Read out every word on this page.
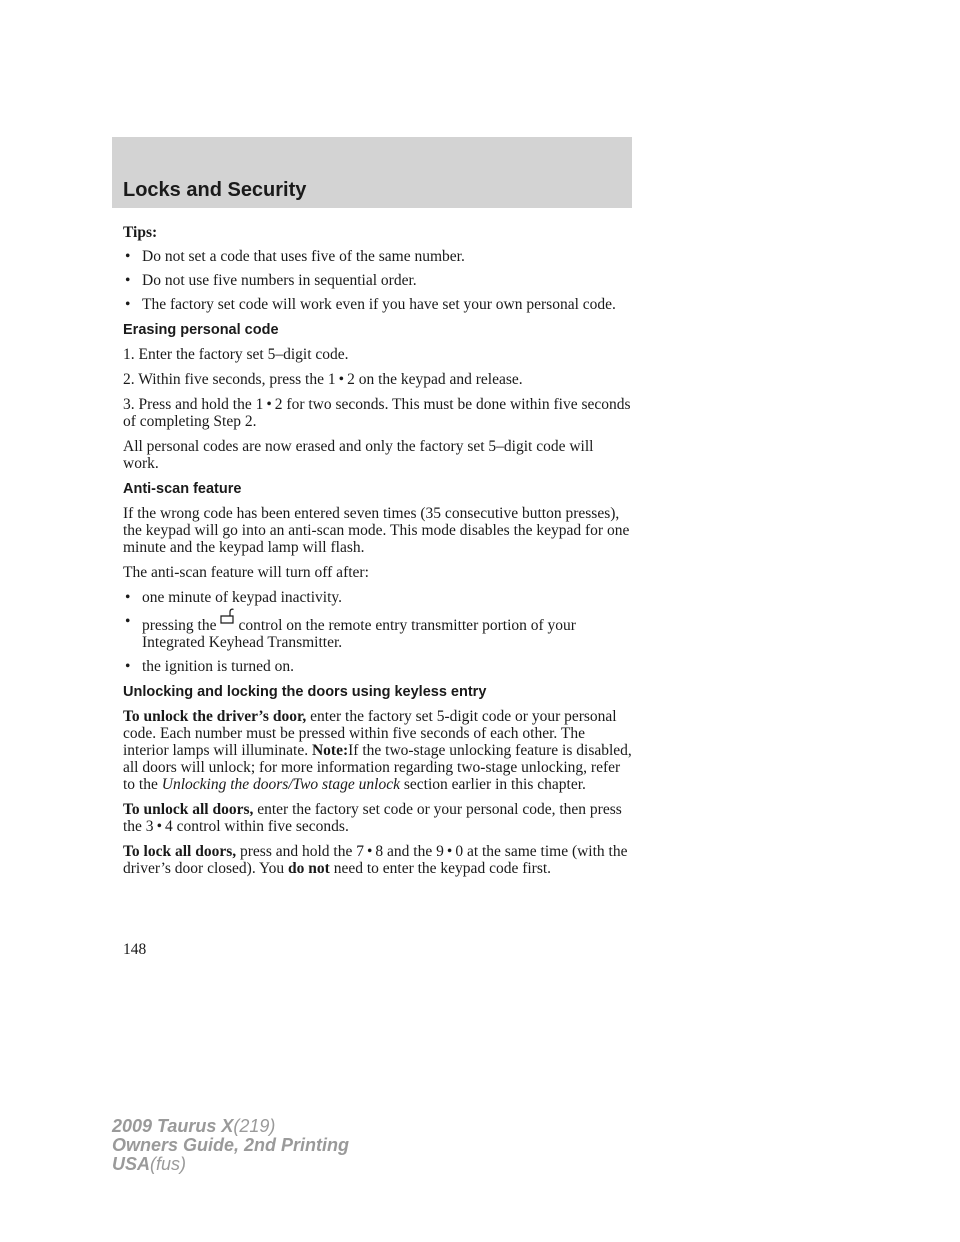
Locks and Security

Tips:

• Do not set a code that uses five of the same number.
• Do not use five numbers in sequential order.
• The factory set code will work even if you have set your own personal code.

Erasing personal code

1. Enter the factory set 5–digit code.

2. Within five seconds, press the 1 • 2 on the keypad and release.

3. Press and hold the 1 • 2 for two seconds. This must be done within five seconds of completing Step 2.

All personal codes are now erased and only the factory set 5–digit code will work.

Anti-scan feature

If the wrong code has been entered seven times (35 consecutive button presses), the keypad will go into an anti-scan mode. This mode disables the keypad for one minute and the keypad lamp will flash.

The anti-scan feature will turn off after:

• one minute of keypad inactivity.
• pressing the control on the remote entry transmitter portion of your Integrated Keyhead Transmitter.
• the ignition is turned on.

Unlocking and locking the doors using keyless entry

To unlock the driver’s door, enter the factory set 5-digit code or your personal code. Each number must be pressed within five seconds of each other. The interior lamps will illuminate. Note:If the two-stage unlocking feature is disabled, all doors will unlock; for more information regarding two-stage unlocking, refer to the Unlocking the doors/Two stage unlock section earlier in this chapter.

To unlock all doors, enter the factory set code or your personal code, then press the 3 • 4 control within five seconds.

To lock all doors, press and hold the 7 • 8 and the 9 • 0 at the same time (with the driver’s door closed). You do not need to enter the keypad code first.

148
2009 Taurus X(219)
Owners Guide, 2nd Printing
USA(fus)
